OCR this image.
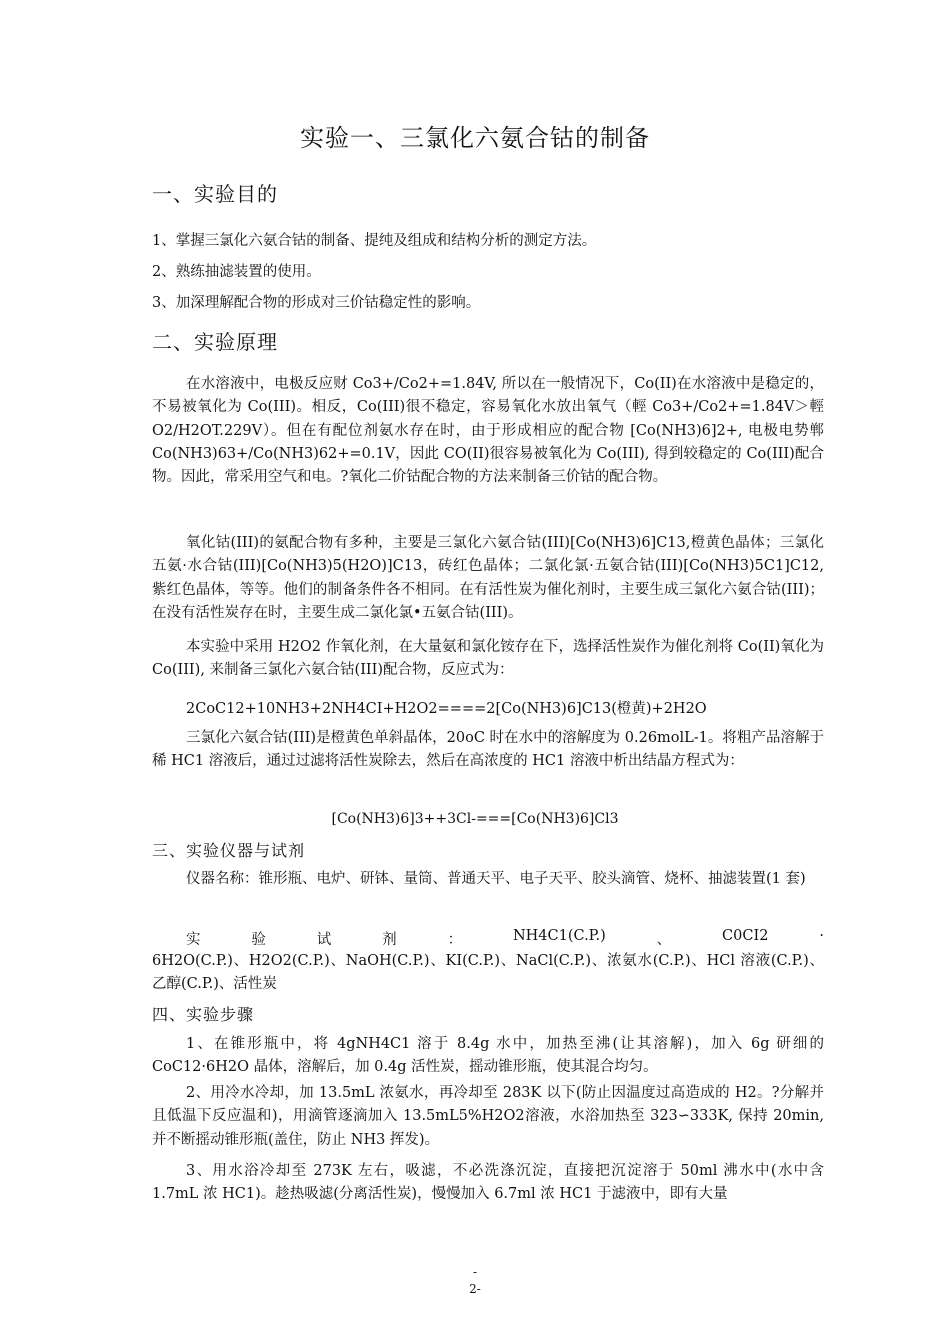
实验一、三氯化六氨合钴的制备
一、实验目的
1、掌握三氯化六氨合钴的制备、提纯及组成和结构分析的测定方法。
2、熟练抽滤装置的使用。
3、加深理解配合物的形成对三价钴稳定性的影响。
二、实验原理
在水溶液中，电极反应财 Co3+/Co2+=1.84V, 所以在一般情况下，Co(II)在水溶液中是稳定的，不易被氧化为 Co(III)。相反，Co(III)很不稳定，容易氧化水放出氧气（輕 Co3+/Co2+=1.84V＞輕 O2/H2OT.229V）。但在有配位剂氨水存在时，由于形成相应的配合物 [Co(NH3)6]2+, 电极电势郸 Co(NH3)63+/Co(NH3)62+=0.1V，因此 CO(II)很容易被氧化为 Co(III), 得到较稳定的 Co(III)配合物。因此，常采用空气和电。?氧化二价钴配合物的方法来制备三价钴的配合物。
氧化钴(III)的氨配合物有多种，主要是三氯化六氨合钴(III)[Co(NH3)6]C13,橙黄色晶体；三氯化五氨·水合钴(III)[Co(NH3)5(H2O)]C13，砖红色晶体；二氯化氯·五氨合钴(III)[Co(NH3)5C1]C12,紫红色晶体，等等。他们的制备条件各不相同。在有活性炭为催化剂时，主要生成三氯化六氨合钴(III)；在没有活性炭存在时，主要生成二氯化氯•五氨合钴(III)。
本实验中采用 H2O2 作氧化剂，在大量氨和氯化铵存在下，选择活性炭作为催化剂将 Co(II)氧化为 Co(III), 来制备三氯化六氨合钴(III)配合物，反应式为：
2CoC12+10NH3+2NH4CI+H2O2====2[Co(NH3)6]C13(橙黄)+2H2O
三氯化六氨合钴(III)是橙黄色单斜晶体，20oC 时在水中的溶解度为 0.26molL-1。将粗产品溶解于稀 HC1 溶液后，通过过滤将活性炭除去，然后在高浓度的 HC1 溶液中析出结晶方程式为：
[Co(NH3)6]3++3Cl-===[Co(NH3)6]Cl3
三、实验仪器与试剂
仪器名称：锥形瓶、电炉、研钵、量筒、普通天平、电子天平、胶头滴管、烧杯、抽滤装置(1 套)
实	验	试	剂	：	NH4C1(C.P.)	、	C0CI2	·
6H2O(C.P.)、H2O2(C.P.)、NaOH(C.P.)、KI(C.P.)、NaCl(C.P.)、浓氨水(C.P.)、HCl 溶液(C.P.)、乙醇(C.P.)、活性炭
四、实验步骤
1、在锥形瓶中，将 4gNH4C1 溶于 8.4g 水中，加热至沸(让其溶解)，加入 6g 研细的 CoC12·6H2O 晶体，溶解后，加 0.4g 活性炭，摇动锥形瓶，使其混合均匀。
2、用冷水冷却，加 13.5mL 浓氨水，再冷却至 283K 以下(防止因温度过高造成的 H2。?分解并且低温下反应温和)，用滴管逐滴加入 13.5mL5%H2O2溶液，水浴加热至 323∽333K, 保持 20min, 并不断摇动锥形瓶(盖住，防止 NH3 挥发)。
3、用水浴冷却至 273K 左右，吸滤，不必洗涤沉淀，直接把沉淀溶于 50ml 沸水中(水中含 1.7mL 浓 HC1)。趁热吸滤(分离活性炭)，慢慢加入 6.7ml 浓 HC1 于滤液中，即有大量
-
2-
